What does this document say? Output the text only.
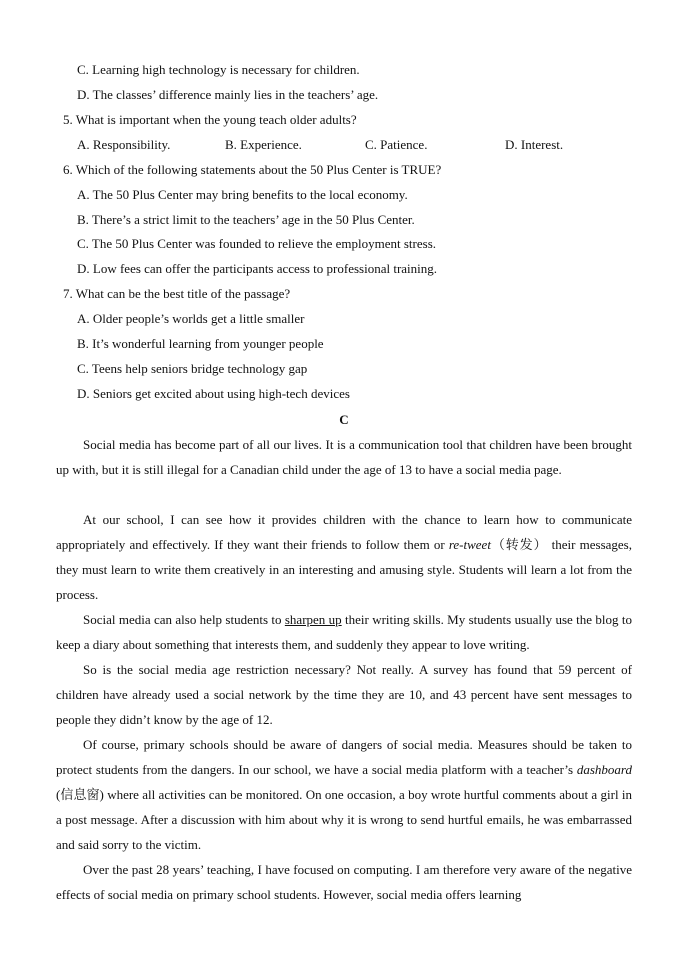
C. Learning high technology is necessary for children.
D. The classes’ difference mainly lies in the teachers’ age.
5. What is important when the young teach older adults?
A. Responsibility.	B. Experience.	C. Patience.	D. Interest.
6. Which of the following statements about the 50 Plus Center is TRUE?
A. The 50 Plus Center may bring benefits to the local economy.
B. There’s a strict limit to the teachers’ age in the 50 Plus Center.
C. The 50 Plus Center was founded to relieve the employment stress.
D. Low fees can offer the participants access to professional training.
7. What can be the best title of the passage?
A. Older people’s worlds get a little smaller
B. It’s wonderful learning from younger people
C. Teens help seniors bridge technology gap
D. Seniors get excited about using high-tech devices
C
Social media has become part of all our lives. It is a communication tool that children have been brought up with, but it is still illegal for a Canadian child under the age of 13 to have a social media page.
At our school, I can see how it provides children with the chance to learn how to communicate appropriately and effectively. If they want their friends to follow them or re-tweet（转发） their messages, they must learn to write them creatively in an interesting and amusing style. Students will learn a lot from the process.
Social media can also help students to sharpen up their writing skills. My students usually use the blog to keep a diary about something that interests them, and suddenly they appear to love writing.
So is the social media age restriction necessary? Not really. A survey has found that 59 percent of children have already used a social network by the time they are 10, and 43 percent have sent messages to people they didn’t know by the age of 12.
Of course, primary schools should be aware of dangers of social media. Measures should be taken to protect students from the dangers. In our school, we have a social media platform with a teacher’s dashboard (信息窗) where all activities can be monitored. On one occasion, a boy wrote hurtful comments about a girl in a post message. After a discussion with him about why it is wrong to send hurtful emails, he was embarrassed and said sorry to the victim.
Over the past 28 years’ teaching, I have focused on computing. I am therefore very aware of the negative effects of social media on primary school students. However, social media offers learning
